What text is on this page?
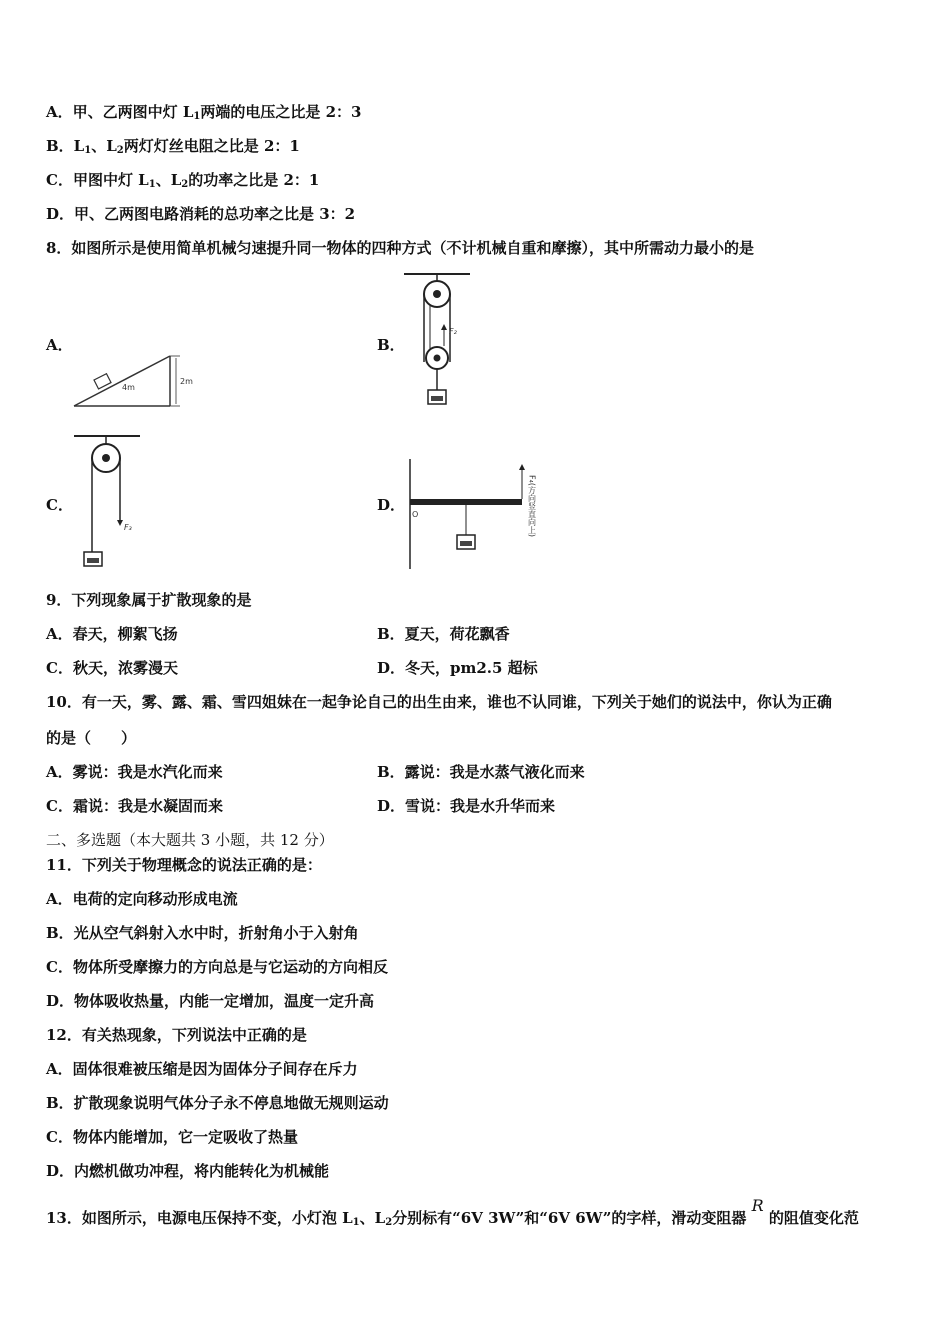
A．甲、乙两图中灯 $L_1$两端的电压之比是 2：3
B．$L_1$、$L_2$两灯灯丝电阻之比是 2：1
C．甲图中灯 $L_1$、$L_2$的功率之比是 2：1
D．甲、乙两图电路消耗的总功率之比是 3：2
8．如图所示是使用简单机械匀速提升同一物体的四种方式（不计机械自重和摩擦），其中所需动力最小的是
A．
2m
4m
B．
F₂
C．
F₃
D．
O	F₄(方向竖直向上)
9．下列现象属于扩散现象的是
A．春天，柳絮飞扬	B．夏天，荷花飘香
C．秋天，浓雾漫天	D．冬天，pm2.5 超标
10．有一天，雾、露、霜、雪四姐妹在一起争论自己的出生由来，谁也不认同谁，下列关于她们的说法中，你认为正确
的是（　　）
A．雾说：我是水汽化而来	B．露说：我是水蒸气液化而来
C．霜说：我是水凝固而来	D．雪说：我是水升华而来
二、多选题（本大题共 3 小题，共 12 分）
11．下列关于物理概念的说法正确的是：
A．电荷的定向移动形成电流
B．光从空气斜射入水中时，折射角小于入射角
C．物体所受摩擦力的方向总是与它运动的方向相反
D．物体吸收热量，内能一定增加，温度一定升高
12．有关热现象，下列说法中正确的是
A．固体很难被压缩是因为固体分子间存在斥力
B．扩散现象说明气体分子永不停息地做无规则运动
C．物体内能增加，它一定吸收了热量
D．内燃机做功冲程，将内能转化为机械能
13．如图所示，电源电压保持不变，小灯泡 $L_1$、$L_2$分别标有“6V 3W”和“6V 6W”的字样，滑动变阻器 R 的阻值变化范
